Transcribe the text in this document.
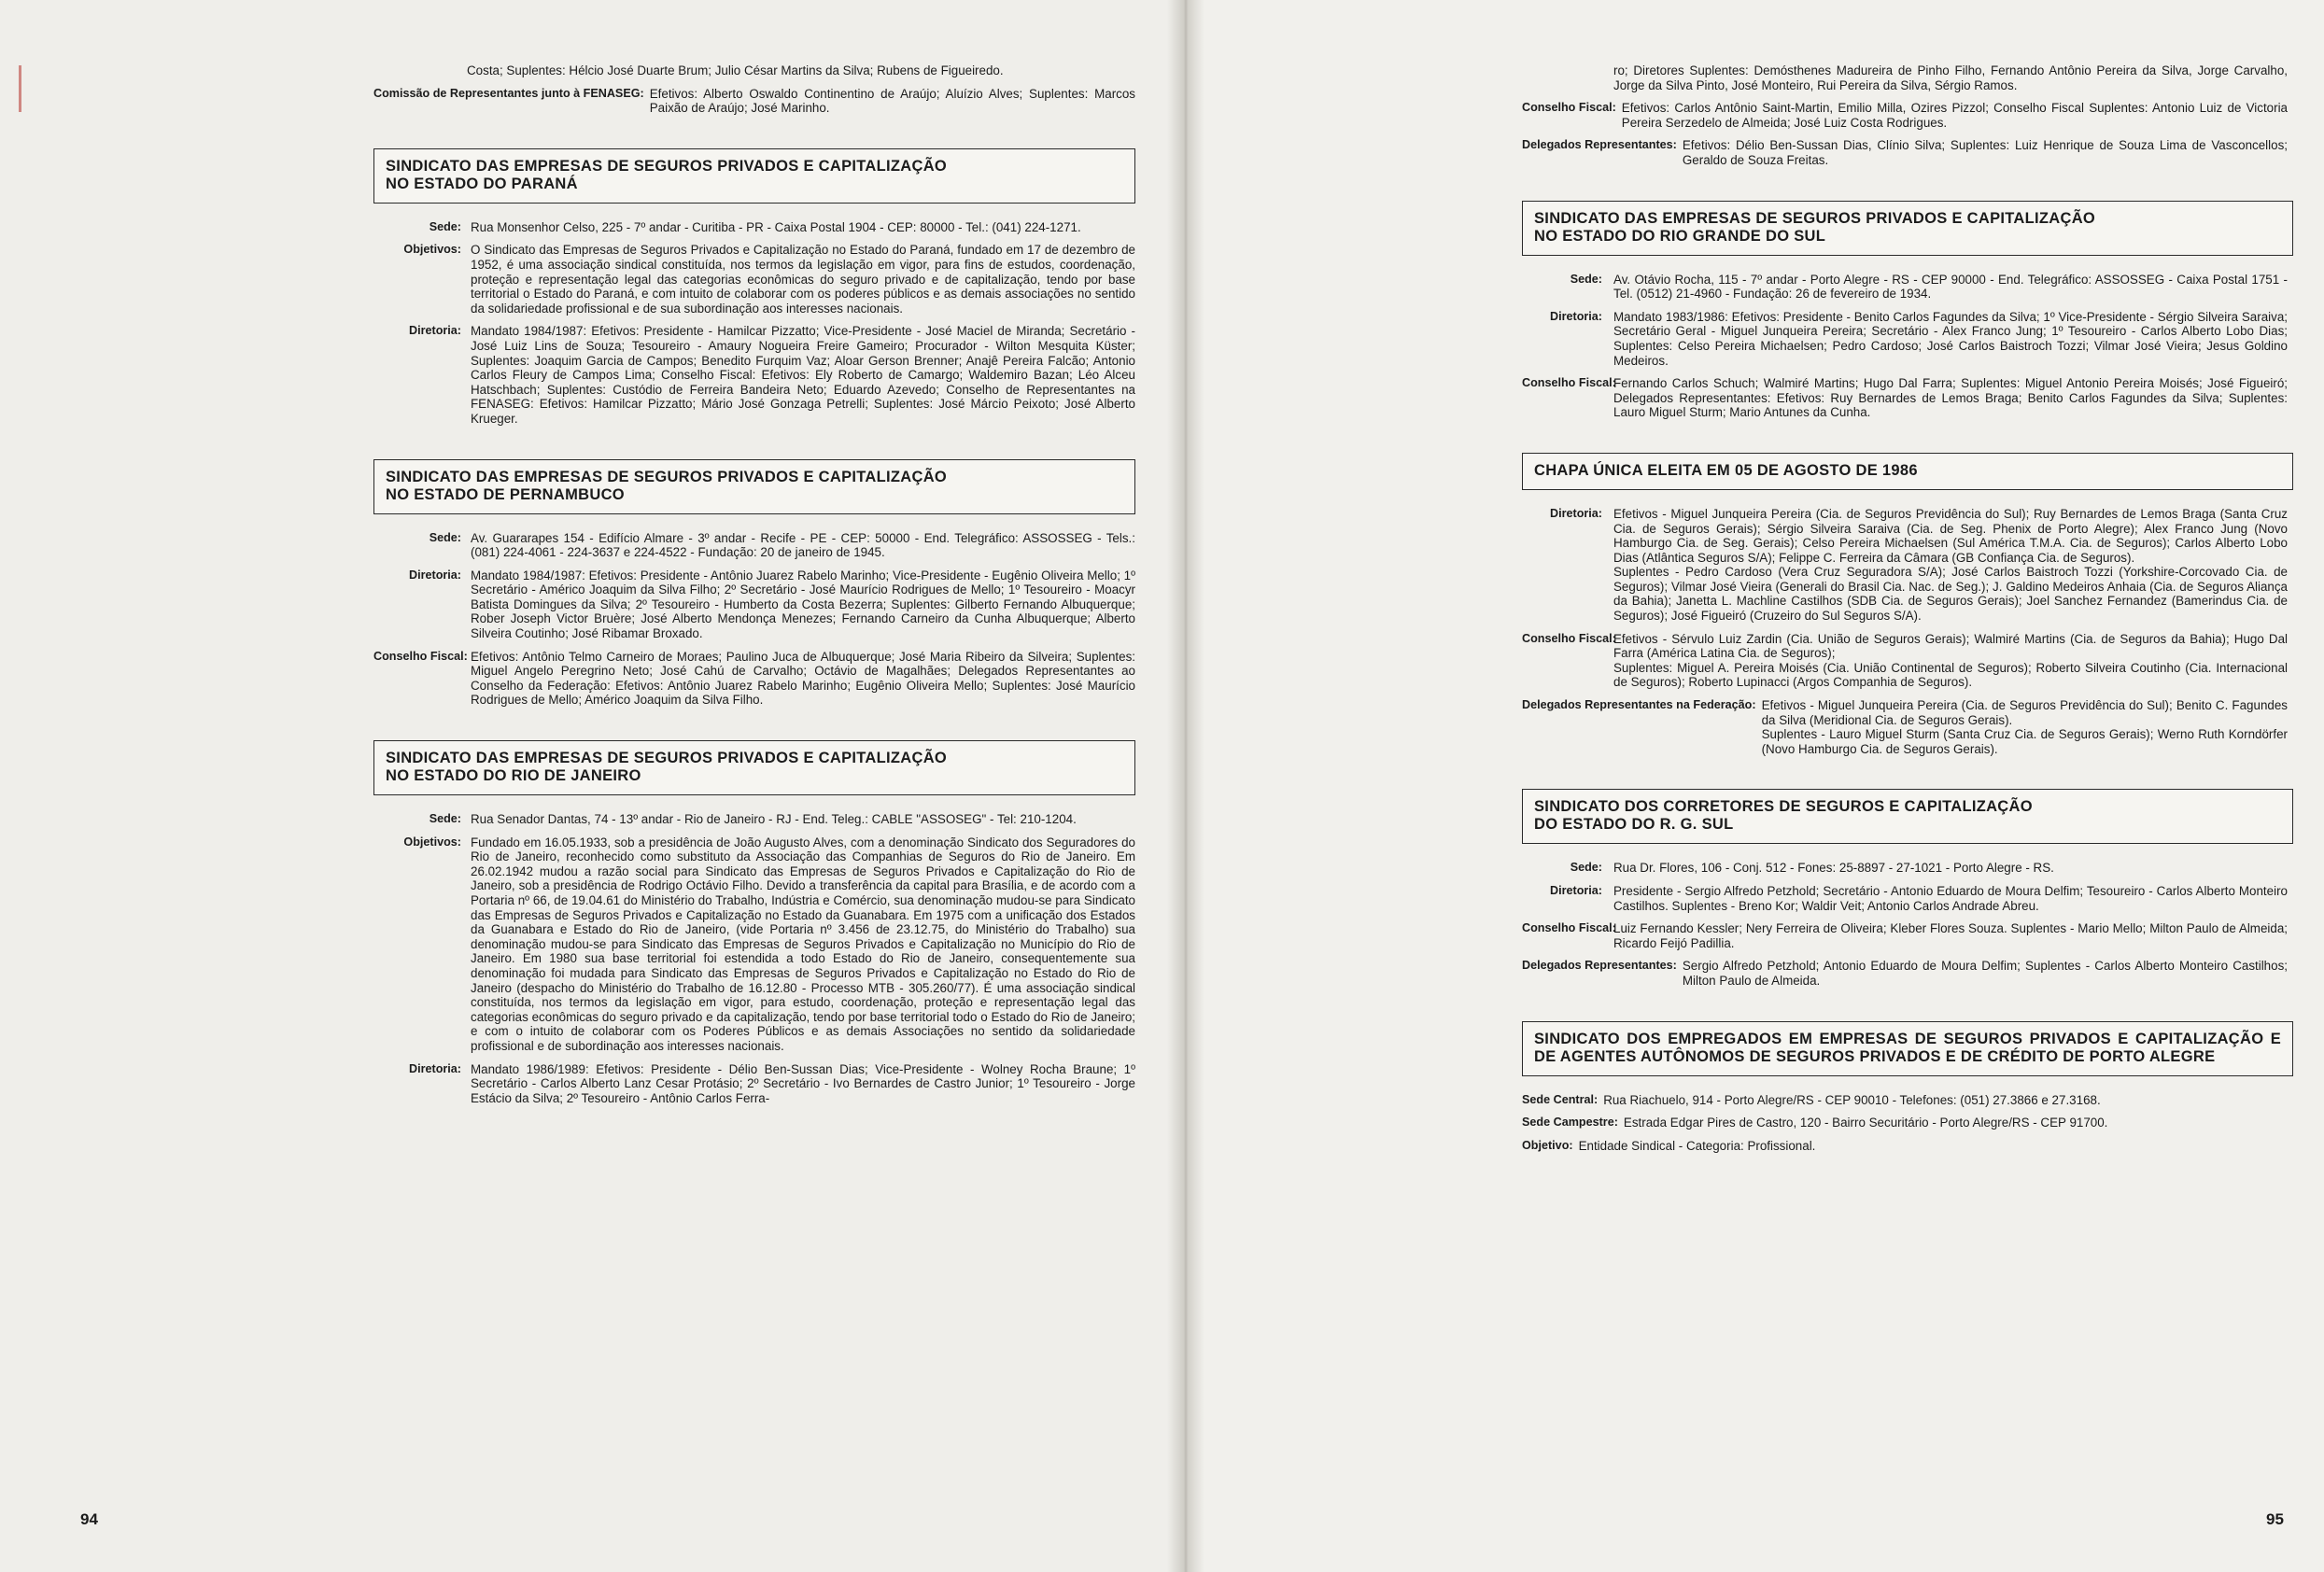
Costa; Suplentes: Hélcio José Duarte Brum; Julio César Martins da Silva; Rubens de Figueiredo.
Comissão de Representantes junto à FENASEG: Efetivos: Alberto Oswaldo Continentino de Araújo; Aluízio Alves; Suplentes: Marcos Paixão de Araújo; José Marinho.
SINDICATO DAS EMPRESAS DE SEGUROS PRIVADOS E CAPITALIZAÇÃO
NO ESTADO DO PARANÁ
Sede: Rua Monsenhor Celso, 225 - 7º andar - Curitiba - PR - Caixa Postal 1904 - CEP: 80000 - Tel.: (041) 224-1271.
Objetivos: O Sindicato das Empresas de Seguros Privados e Capitalização no Estado do Paraná, fundado em 17 de dezembro de 1952, é uma associação sindical constituída, nos termos da legislação em vigor, para fins de estudos, coordenação, proteção e representação legal das categorias econômicas do seguro privado e de capitalização, tendo por base territorial o Estado do Paraná, e com intuito de colaborar com os poderes públicos e as demais associações no sentido da solidariedade profissional e de sua subordinação aos interesses nacionais.
Diretoria: Mandato 1984/1987: Efetivos: Presidente - Hamilcar Pizzatto; Vice-Presidente - José Maciel de Miranda; Secretário - José Luiz Lins de Souza; Tesoureiro - Amaury Nogueira Freire Gameiro; Procurador - Wilton Mesquita Küster; Suplentes: Joaquim Garcia de Campos; Benedito Furquim Vaz; Aloar Gerson Brenner; Anajê Pereira Falcão; Antonio Carlos Fleury de Campos Lima; Conselho Fiscal: Efetivos: Ely Roberto de Camargo; Waldemiro Bazan; Léo Alceu Hatschbach; Suplentes: Custódio de Ferreira Bandeira Neto; Eduardo Azevedo; Conselho de Representantes na FENASEG: Efetivos: Hamilcar Pizzatto; Mário José Gonzaga Petrelli; Suplentes: José Márcio Peixoto; José Alberto Krueger.
SINDICATO DAS EMPRESAS DE SEGUROS PRIVADOS E CAPITALIZAÇÃO
NO ESTADO DE PERNAMBUCO
Sede: Av. Guararapes 154 - Edifício Almare - 3º andar - Recife - PE - CEP: 50000 - End. Telegráfico: ASSOSSEG - Tels.: (081) 224-4061 - 224-3637 e 224-4522 - Fundação: 20 de janeiro de 1945.
Diretoria: Mandato 1984/1987: Efetivos: Presidente - Antônio Juarez Rabelo Marinho; Vice-Presidente - Eugênio Oliveira Mello; 1º Secretário - Américo Joaquim da Silva Filho; 2º Secretário - José Maurício Rodrigues de Mello; 1º Tesoureiro - Moacyr Batista Domingues da Silva; 2º Tesoureiro - Humberto da Costa Bezerra; Suplentes: Gilberto Fernando Albuquerque; Rober Joseph Victor Bruère; José Alberto Mendonça Menezes; Fernando Carneiro da Cunha Albuquerque; Alberto Silveira Coutinho; José Ribamar Broxado.
Conselho Fiscal: Efetivos: Antônio Telmo Carneiro de Moraes; Paulino Juca de Albuquerque; José Maria Ribeiro da Silveira; Suplentes: Miguel Angelo Peregrino Neto; José Cahú de Carvalho; Octávio de Magalhães; Delegados Representantes ao Conselho da Federação: Efetivos: Antônio Juarez Rabelo Marinho; Eugênio Oliveira Mello; Suplentes: José Maurício Rodrigues de Mello; Américo Joaquim da Silva Filho.
SINDICATO DAS EMPRESAS DE SEGUROS PRIVADOS E CAPITALIZAÇÃO
NO ESTADO DO RIO DE JANEIRO
Sede: Rua Senador Dantas, 74 - 13º andar - Rio de Janeiro - RJ - End. Teleg.: CABLE "ASSOSEG" - Tel: 210-1204.
Objetivos: Fundado em 16.05.1933, sob a presidência de João Augusto Alves, com a denominação Sindicato dos Seguradores do Rio de Janeiro, reconhecido como substituto da Associação das Companhias de Seguros do Rio de Janeiro. Em 26.02.1942 mudou a razão social para Sindicato das Empresas de Seguros Privados e Capitalização do Rio de Janeiro, sob a presidência de Rodrigo Octávio Filho. Devido a transferência da capital para Brasília, e de acordo com a Portaria nº 66, de 19.04.61 do Ministério do Trabalho, Indústria e Comércio, sua denominação mudou-se para Sindicato das Empresas de Seguros Privados e Capitalização no Estado da Guanabara. Em 1975 com a unificação dos Estados da Guanabara e Estado do Rio de Janeiro, (vide Portaria nº 3.456 de 23.12.75, do Ministério do Trabalho) sua denominação mudou-se para Sindicato das Empresas de Seguros Privados e Capitalização no Município do Rio de Janeiro. Em 1980 sua base territorial foi estendida a todo Estado do Rio de Janeiro, consequentemente sua denominação foi mudada para Sindicato das Empresas de Seguros Privados e Capitalização no Estado do Rio de Janeiro (despacho do Ministério do Trabalho de 16.12.80 - Processo MTB - 305.260/77). É uma associação sindical constituída, nos termos da legislação em vigor, para estudo, coordenação, proteção e representação legal das categorias econômicas do seguro privado e da capitalização, tendo por base territorial todo o Estado do Rio de Janeiro; e com o intuito de colaborar com os Poderes Públicos e as demais Associações no sentido da solidariedade profissional e de subordinação aos interesses nacionais.
Diretoria: Mandato 1986/1989: Efetivos: Presidente - Délio Ben-Sussan Dias; Vice-Presidente - Wolney Rocha Braune; 1º Secretário - Carlos Alberto Lanz Cesar Protásio; 2º Secretário - Ivo Bernardes de Castro Junior; 1º Tesoureiro - Jorge Estácio da Silva; 2º Tesoureiro - Antônio Carlos Ferra-
ro; Diretores Suplentes: Demósthenes Madureira de Pinho Filho, Fernando Antônio Pereira da Silva, Jorge Carvalho, Jorge da Silva Pinto, José Monteiro, Rui Pereira da Silva, Sérgio Ramos.
Conselho Fiscal: Efetivos: Carlos Antônio Saint-Martin, Emilio Milla, Ozires Pizzol; Conselho Fiscal Suplentes: Antonio Luiz de Victoria Pereira Serzedelo de Almeida; José Luiz Costa Rodrigues.
Delegados Representantes: Efetivos: Délio Ben-Sussan Dias, Clínio Silva; Suplentes: Luiz Henrique de Souza Lima de Vasconcellos; Geraldo de Souza Freitas.
SINDICATO DAS EMPRESAS DE SEGUROS PRIVADOS E CAPITALIZAÇÃO
NO ESTADO DO RIO GRANDE DO SUL
Sede: Av. Otávio Rocha, 115 - 7º andar - Porto Alegre - RS - CEP 90000 - End. Telegráfico: ASSOSSEG - Caixa Postal 1751 - Tel. (0512) 21-4960 - Fundação: 26 de fevereiro de 1934.
Diretoria: Mandato 1983/1986: Efetivos: Presidente - Benito Carlos Fagundes da Silva; 1º Vice-Presidente - Sérgio Silveira Saraiva; Secretário Geral - Miguel Junqueira Pereira; Secretário - Alex Franco Jung; 1º Tesoureiro - Carlos Alberto Lobo Dias; Suplentes: Celso Pereira Michaelsen; Pedro Cardoso; José Carlos Baistroch Tozzi; Vilmar José Vieira; Jesus Goldino Medeiros.
Conselho Fiscal:
Fernando Carlos Schuch; Walmiré Martins; Hugo Dal Farra; Suplentes: Miguel Antonio Pereira Moisés; José Figueiró; Delegados Representantes: Efetivos: Ruy Bernardes de Lemos Braga; Benito Carlos Fagundes da Silva; Suplentes: Lauro Miguel Sturm; Mario Antunes da Cunha.
CHAPA ÚNICA ELEITA EM 05 DE AGOSTO DE 1986
Diretoria: Efetivos - Miguel Junqueira Pereira (Cia. de Seguros Previdência do Sul); Ruy Bernardes de Lemos Braga (Santa Cruz Cia. de Seguros Gerais); Sérgio Silveira Saraiva (Cia. de Seg. Phenix de Porto Alegre); Alex Franco Jung (Novo Hamburgo Cia. de Seg. Gerais); Celso Pereira Michaelsen (Sul América T.M.A. Cia. de Seguros); Carlos Alberto Lobo Dias (Atlântica Seguros S/A); Felippe C. Ferreira da Câmara (GB Confiança Cia. de Seguros).
Suplentes - Pedro Cardoso (Vera Cruz Seguradora S/A); José Carlos Baistroch Tozzi (Yorkshire-Corcovado Cia. de Seguros); Vilmar José Vieira (Generali do Brasil Cia. Nac. de Seg.); J. Galdino Medeiros Anhaia (Cia. de Seguros Aliança da Bahia); Janetta L. Machline Castilhos (SDB Cia. de Seguros Gerais); Joel Sanchez Fernandez (Bamerindus Cia. de Seguros); José Figueiró (Cruzeiro do Sul Seguros S/A).
Conselho Fiscal:
Efetivos - Sérvulo Luiz Zardin (Cia. União de Seguros Gerais); Walmiré Martins (Cia. de Seguros da Bahia); Hugo Dal Farra (América Latina Cia. de Seguros);
Suplentes: Miguel A. Pereira Moisés (Cia. União Continental de Seguros); Roberto Silveira Coutinho (Cia. Internacional de Seguros); Roberto Lupinacci (Argos Companhia de Seguros).
Delegados Representantes na Federação: Efetivos - Miguel Junqueira Pereira (Cia. de Seguros Previdência do Sul); Benito C. Fagundes da Silva (Meridional Cia. de Seguros Gerais).
Suplentes - Lauro Miguel Sturm (Santa Cruz Cia. de Seguros Gerais); Werno Ruth Korndörfer (Novo Hamburgo Cia. de Seguros Gerais).
SINDICATO DOS CORRETORES DE SEGUROS E CAPITALIZAÇÃO
DO ESTADO DO R. G. SUL
Sede: Rua Dr. Flores, 106 - Conj. 512 - Fones: 25-8897 - 27-1021 - Porto Alegre - RS.
Diretoria: Presidente - Sergio Alfredo Petzhold; Secretário - Antonio Eduardo de Moura Delfim; Tesoureiro - Carlos Alberto Monteiro Castilhos. Suplentes - Breno Kor; Waldir Veit; Antonio Carlos Andrade Abreu.
Conselho Fiscal:
Luiz Fernando Kessler; Nery Ferreira de Oliveira; Kleber Flores Souza. Suplentes - Mario Mello; Milton Paulo de Almeida; Ricardo Feijó Padillia.
Delegados Representantes: Sergio Alfredo Petzhold; Antonio Eduardo de Moura Delfim; Suplentes - Carlos Alberto Monteiro Castilhos; Milton Paulo de Almeida.
SINDICATO DOS EMPREGADOS EM EMPRESAS DE SEGUROS PRIVADOS E CAPITALIZAÇÃO E DE AGENTES AUTÔNOMOS DE SEGUROS PRIVADOS E DE CRÉDITO DE PORTO ALEGRE
Sede Central: Rua Riachuelo, 914 - Porto Alegre/RS - CEP 90010 - Telefones: (051) 27.3866 e 27.3168.
Sede Campestre: Estrada Edgar Pires de Castro, 120 - Bairro Securitário - Porto Alegre/RS - CEP 91700.
Objetivo: Entidade Sindical - Categoria: Profissional.
94	95
